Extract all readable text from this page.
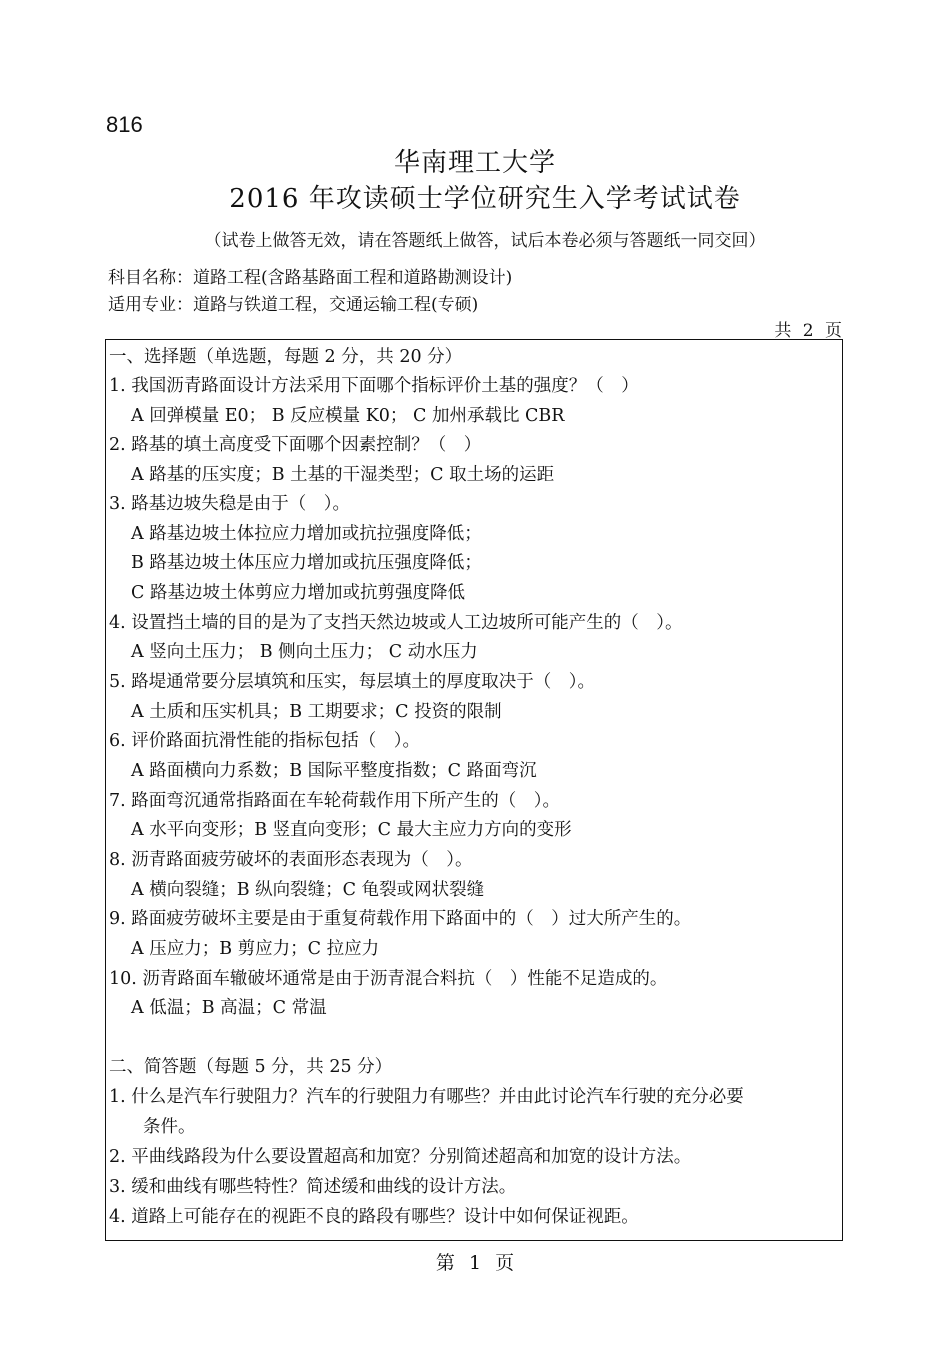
816
华南理工大学
2016 年攻读硕士学位研究生入学考试试卷
（试卷上做答无效，请在答题纸上做答，试后本卷必须与答题纸一同交回）
科目名称：道路工程(含路基路面工程和道路勘测设计)
适用专业：道路与铁道工程，交通运输工程(专硕)
共 2 页
一、选择题（单选题，每题 2 分，共 20 分）
1. 我国沥青路面设计方法采用下面哪个指标评价土基的强度？（　）
A 回弹模量 E0； B 反应模量 K0； C 加州承载比 CBR
2. 路基的填土高度受下面哪个因素控制？（　）
A 路基的压实度；B 土基的干湿类型；C 取土场的运距
3. 路基边坡失稳是由于（　）。
A 路基边坡土体拉应力增加或抗拉强度降低；
B 路基边坡土体压应力增加或抗压强度降低；
C 路基边坡土体剪应力增加或抗剪强度降低
4. 设置挡土墙的目的是为了支挡天然边坡或人工边坡所可能产生的（　）。
A 竖向土压力； B 侧向土压力； C 动水压力
5. 路堤通常要分层填筑和压实，每层填土的厚度取决于（　）。
A 土质和压实机具；B 工期要求；C 投资的限制
6. 评价路面抗滑性能的指标包括（　）。
A 路面横向力系数；B 国际平整度指数；C 路面弯沉
7. 路面弯沉通常指路面在车轮荷载作用下所产生的（　）。
A 水平向变形；B 竖直向变形；C 最大主应力方向的变形
8. 沥青路面疲劳破坏的表面形态表现为（　）。
A 横向裂缝；B 纵向裂缝；C 龟裂或网状裂缝
9. 路面疲劳破坏主要是由于重复荷载作用下路面中的（　）过大所产生的。
A 压应力；B 剪应力；C 拉应力
10. 沥青路面车辙破坏通常是由于沥青混合料抗（　）性能不足造成的。
A 低温；B 高温；C 常温
二、简答题（每题 5 分，共 25 分）
1. 什么是汽车行驶阻力？汽车的行驶阻力有哪些？并由此讨论汽车行驶的充分必要
条件。
2. 平曲线路段为什么要设置超高和加宽？分别简述超高和加宽的设计方法。
3. 缓和曲线有哪些特性？简述缓和曲线的设计方法。
4. 道路上可能存在的视距不良的路段有哪些？设计中如何保证视距。
第 1 页
